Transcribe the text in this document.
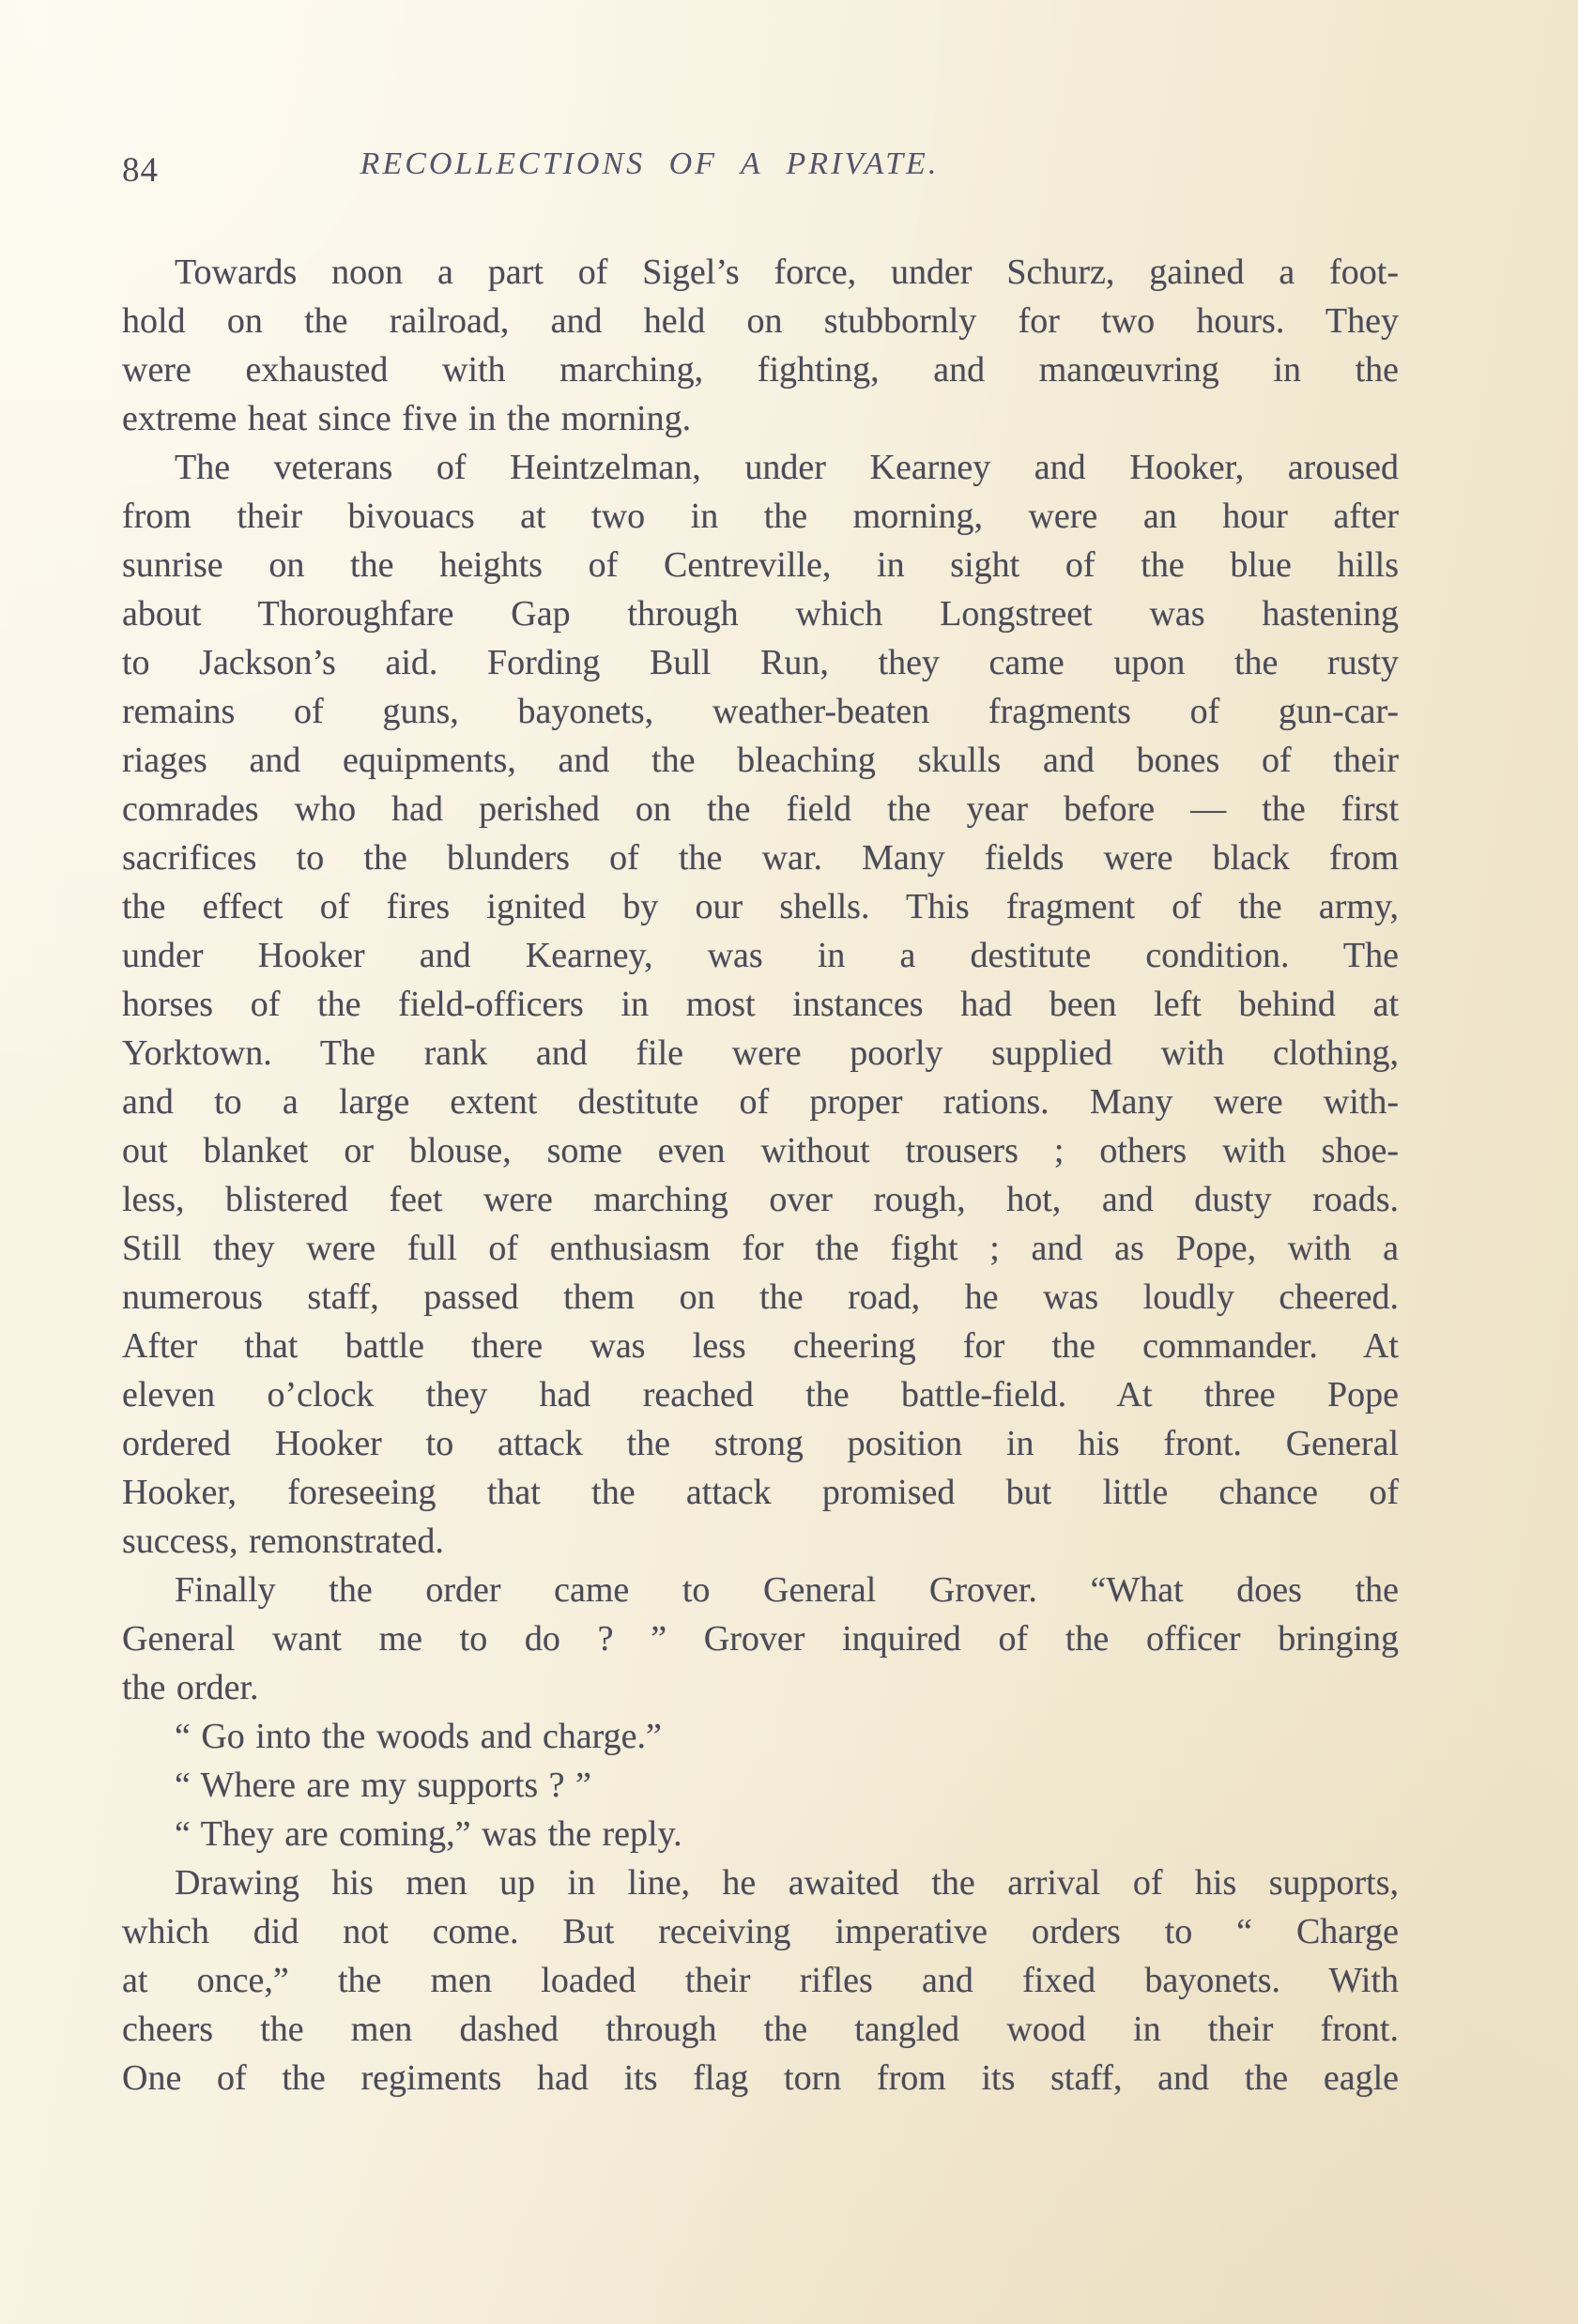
84	RECOLLECTIONS OF A PRIVATE.
Towards noon a part of Sigel’s force, under Schurz, gained a foot-
hold on the railroad, and held on stubbornly for two hours. They
were exhausted with marching, fighting, and manœuvring in the
extreme heat since five in the morning.
The veterans of Heintzelman, under Kearney and Hooker, aroused
from their bivouacs at two in the morning, were an hour after
sunrise on the heights of Centreville, in sight of the blue hills
about Thoroughfare Gap through which Longstreet was hastening
to Jackson’s aid. Fording Bull Run, they came upon the rusty
remains of guns, bayonets, weather-beaten fragments of gun-car-
riages and equipments, and the bleaching skulls and bones of their
comrades who had perished on the field the year before — the first
sacrifices to the blunders of the war. Many fields were black from
the effect of fires ignited by our shells. This fragment of the army,
under Hooker and Kearney, was in a destitute condition. The
horses of the field-officers in most instances had been left behind at
Yorktown. The rank and file were poorly supplied with clothing,
and to a large extent destitute of proper rations. Many were with-
out blanket or blouse, some even without trousers ; others with shoe-
less, blistered feet were marching over rough, hot, and dusty roads.
Still they were full of enthusiasm for the fight ; and as Pope, with a
numerous staff, passed them on the road, he was loudly cheered.
After that battle there was less cheering for the commander. At
eleven o’clock they had reached the battle-field. At three Pope
ordered Hooker to attack the strong position in his front. General
Hooker, foreseeing that the attack promised but little chance of
success, remonstrated.
Finally the order came to General Grover. “What does the
General want me to do ? ” Grover inquired of the officer bringing
the order.
“ Go into the woods and charge.”
“ Where are my supports ? ”
“ They are coming,” was the reply.
Drawing his men up in line, he awaited the arrival of his supports,
which did not come. But receiving imperative orders to “ Charge
at once,” the men loaded their rifles and fixed bayonets. With
cheers the men dashed through the tangled wood in their front.
One of the regiments had its flag torn from its staff, and the eagle
